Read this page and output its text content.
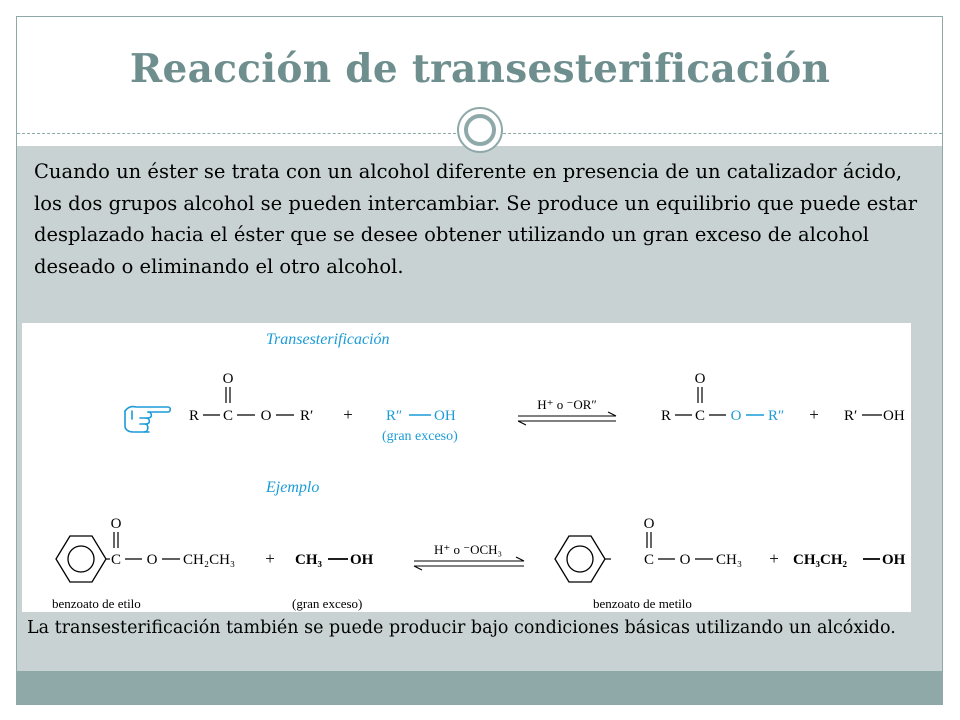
Reacción de transesterificación
Cuando un éster se trata con un alcohol diferente en presencia de un catalizador ácido, los dos grupos alcohol se pueden intercambiar. Se produce un equilibrio que puede estar desplazado hacia el éster que se desee obtener utilizando un gran exceso de alcohol deseado o eliminando el otro alcohol.
Transesterificación
Ejemplo
O
R C O R′ + R″ OH
(gran exceso)
H⁺ o ⁻OR″
O
R C O R″ + R′ OH
O
C O CH₂CH₃
benzoato de etilo
+ CH₃ OH
(gran exceso)
H⁺ o ⁻OCH₃
O
C O CH₃
benzoato de metilo
+ CH₃CH₂ OH
La transesterificación también se puede producir bajo condiciones básicas utilizando un alcóxido.
